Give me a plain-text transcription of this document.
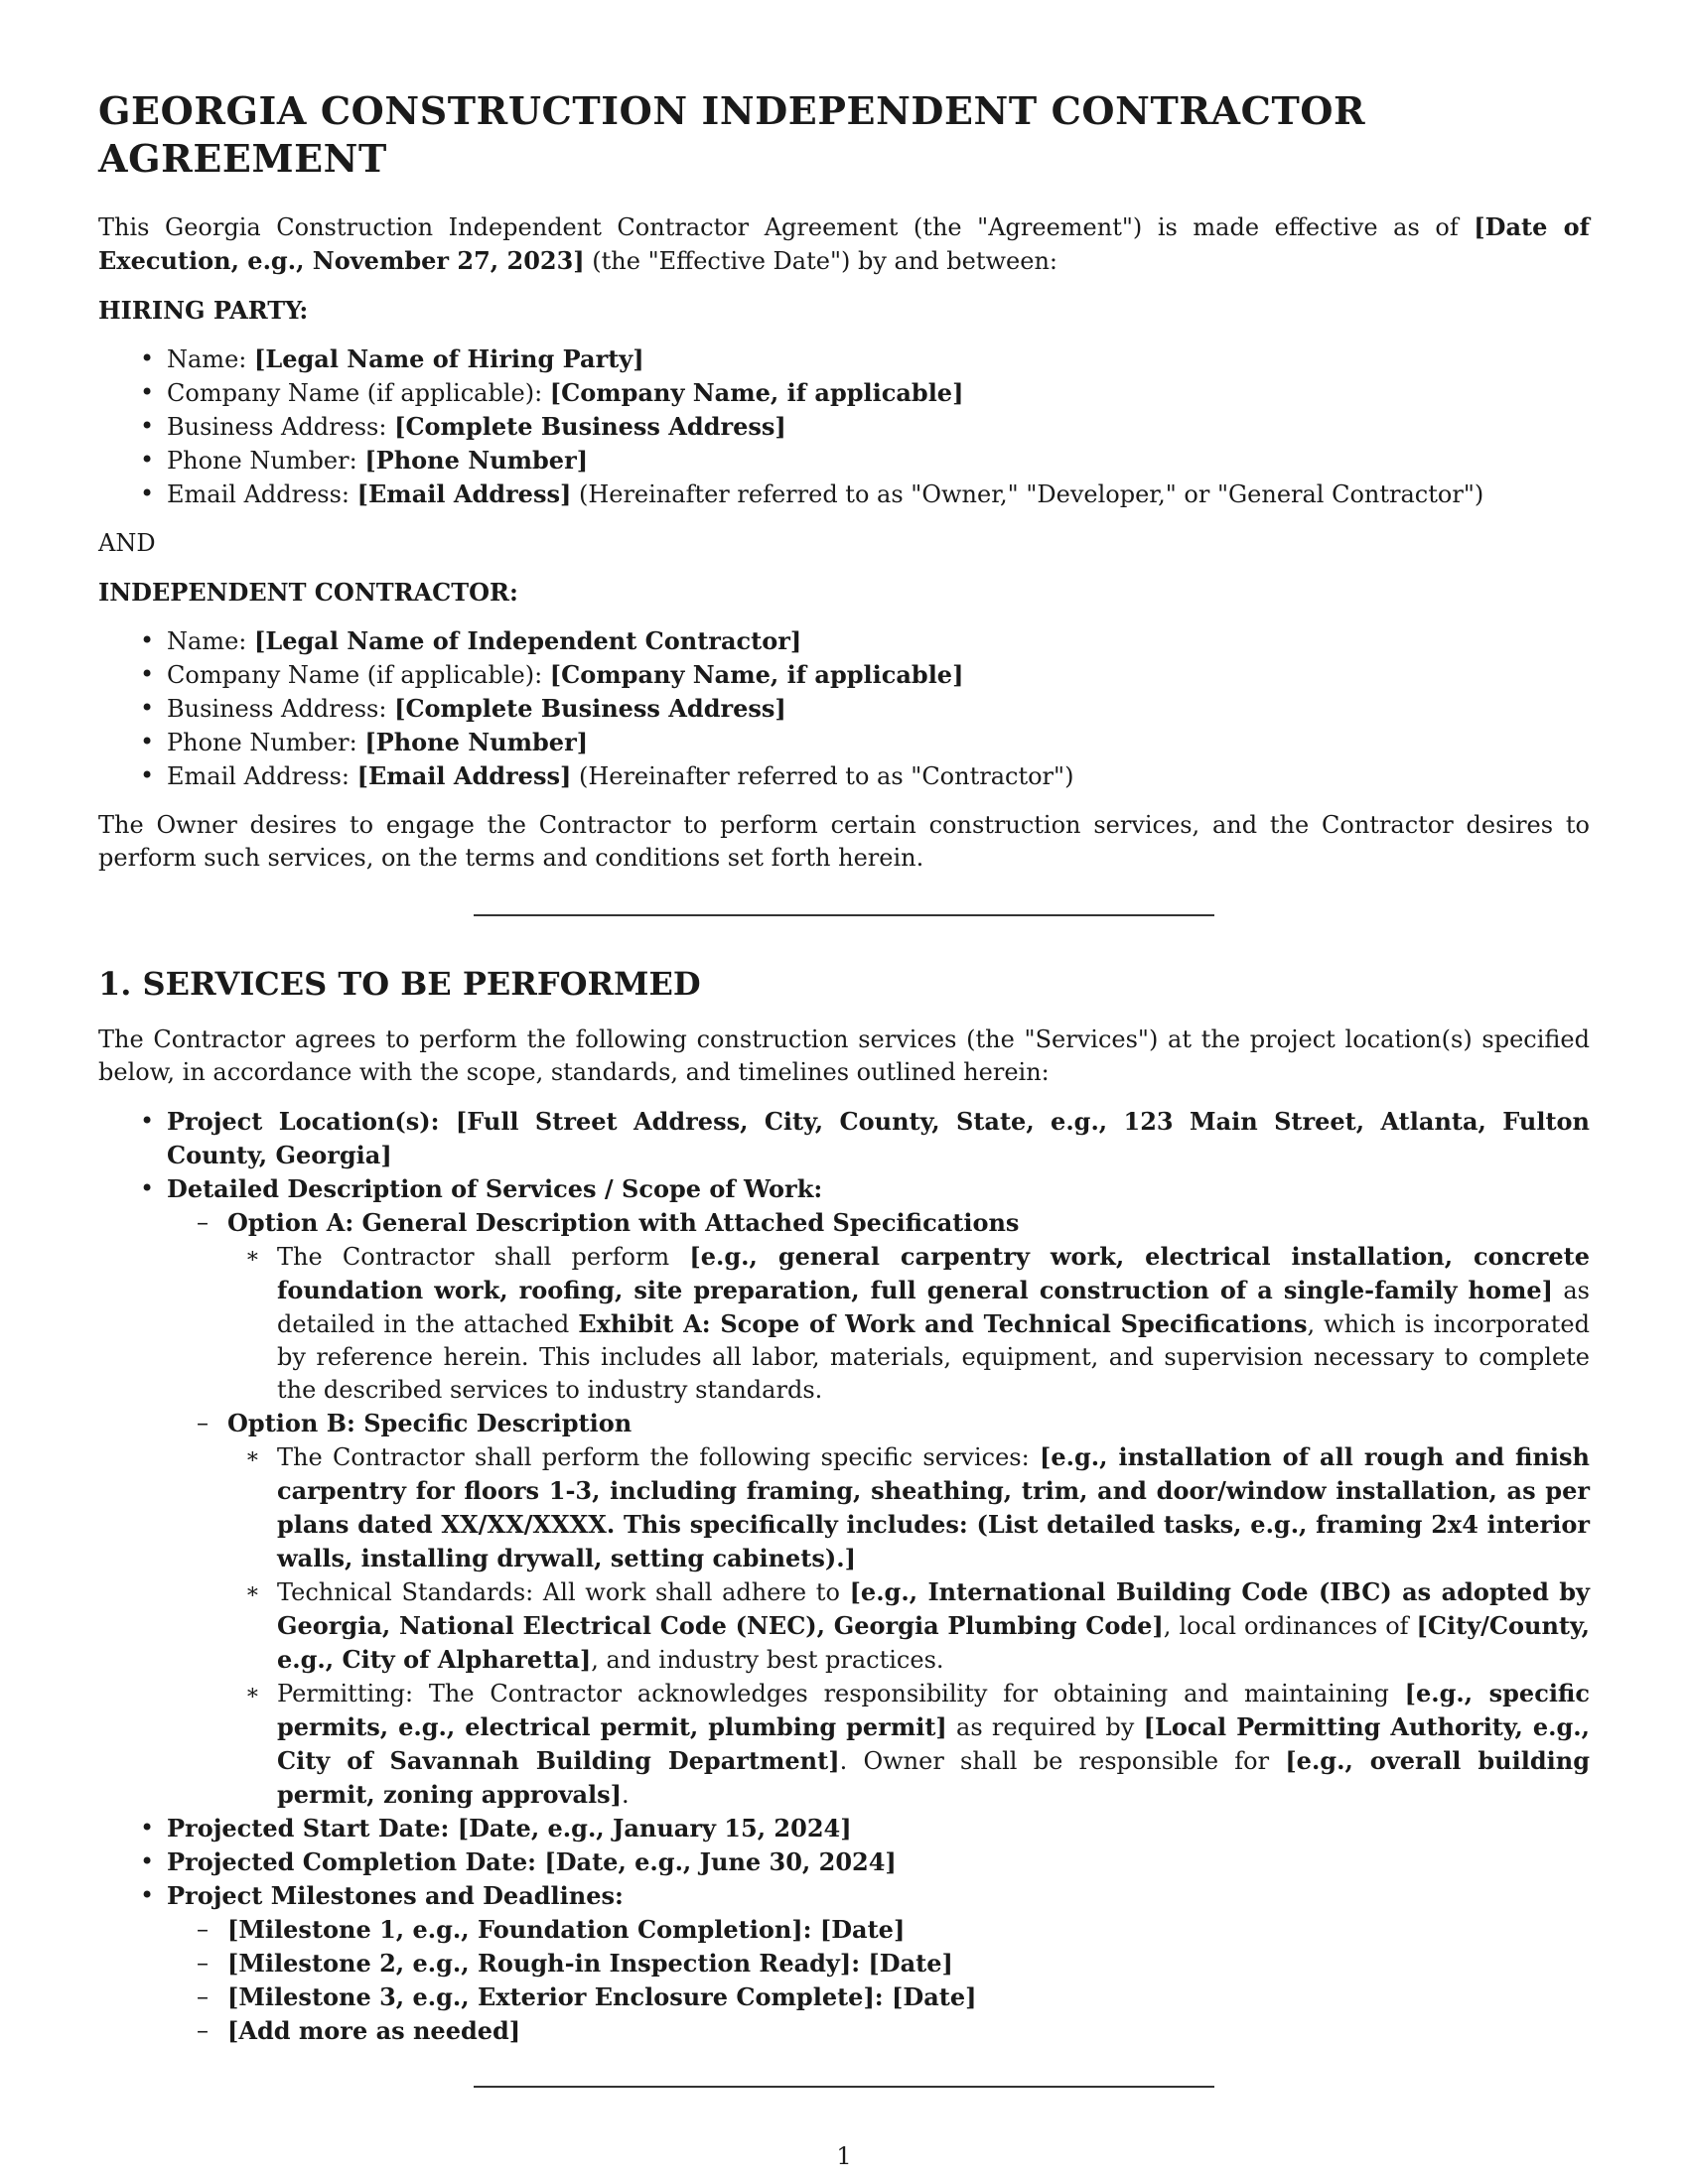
GEORGIA CONSTRUCTION INDEPENDENT CONTRACTOR AGREEMENT

This Georgia Construction Independent Contractor Agreement (the "Agreement") is made effective as of [Date of Execution, e.g., November 27, 2023] (the "Effective Date") by and between:

HIRING PARTY:
• Name: [Legal Name of Hiring Party]
• Company Name (if applicable): [Company Name, if applicable]
• Business Address: [Complete Business Address]
• Phone Number: [Phone Number]
• Email Address: [Email Address] (Hereinafter referred to as "Owner," "Developer," or "General Contractor")
AND
INDEPENDENT CONTRACTOR:
• Name: [Legal Name of Independent Contractor]
• Company Name (if applicable): [Company Name, if applicable]
• Business Address: [Complete Business Address]
• Phone Number: [Phone Number]
• Email Address: [Email Address] (Hereinafter referred to as "Contractor")

The Owner desires to engage the Contractor to perform certain construction services, and the Contractor desires to perform such services, on the terms and conditions set forth herein.

1. SERVICES TO BE PERFORMED

The Contractor agrees to perform the following construction services (the "Services") at the project location(s) specified below, in accordance with the scope, standards, and timelines outlined herein:

• Project Location(s): [Full Street Address, City, County, State, e.g., 123 Main Street, Atlanta, Fulton County, Georgia]
• Detailed Description of Services / Scope of Work:
– Option A: General Description with Attached Specifications
∗ The Contractor shall perform [e.g., general carpentry work, electrical installation, concrete foundation work, roofing, site preparation, full general construction of a single-family home] as detailed in the attached Exhibit A: Scope of Work and Technical Specifications, which is incorporated by reference herein. This includes all labor, materials, equipment, and supervision necessary to complete the described services to industry standards.
– Option B: Specific Description
∗ The Contractor shall perform the following specific services: [e.g., installation of all rough and finish carpentry for floors 1-3, including framing, sheathing, trim, and door/window installation, as per plans dated XX/XX/XXXX. This specifically includes: (List detailed tasks, e.g., framing 2x4 interior walls, installing drywall, setting cabinets).]
∗ Technical Standards: All work shall adhere to [e.g., International Building Code (IBC) as adopted by Georgia, National Electrical Code (NEC), Georgia Plumbing Code], local ordinances of [City/County, e.g., City of Alpharetta], and industry best practices.
∗ Permitting: The Contractor acknowledges responsibility for obtaining and maintaining [e.g., specific permits, e.g., electrical permit, plumbing permit] as required by [Local Permitting Authority, e.g., City of Savannah Building Department]. Owner shall be responsible for [e.g., overall building permit, zoning approvals].
• Projected Start Date: [Date, e.g., January 15, 2024]
• Projected Completion Date: [Date, e.g., June 30, 2024]
• Project Milestones and Deadlines:
– [Milestone 1, e.g., Foundation Completion]: [Date]
– [Milestone 2, e.g., Rough-in Inspection Ready]: [Date]
– [Milestone 3, e.g., Exterior Enclosure Complete]: [Date]
– [Add more as needed]
1
